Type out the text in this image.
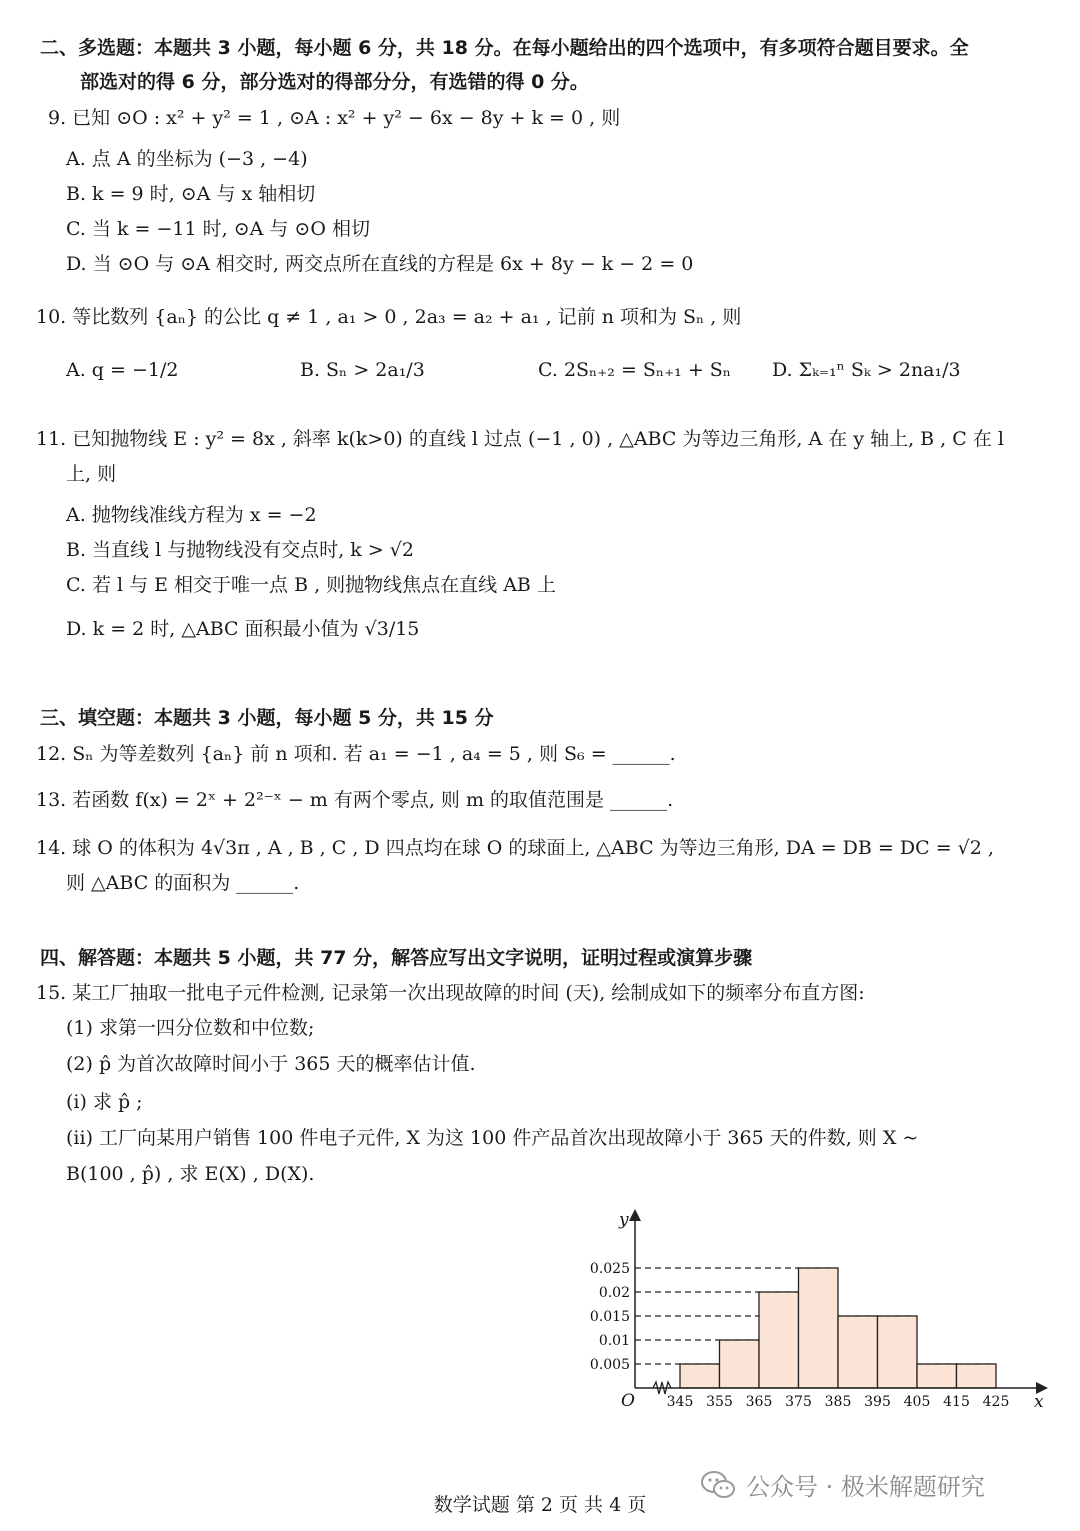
二、多选题：本题共 3 小题，每小题 6 分，共 18 分。在每小题给出的四个选项中，有多项符合题目要求。全
部选对的得 6 分，部分选对的得部分分，有选错的得 0 分。
9. 已知 ⊙O : x² + y² = 1 , ⊙A : x² + y² − 6x − 8y + k = 0 , 则
A. 点 A 的坐标为 (−3 , −4)
B. k = 9 时, ⊙A 与 x 轴相切
C. 当 k = −11 时, ⊙A 与 ⊙O 相切
D. 当 ⊙O 与 ⊙A 相交时, 两交点所在直线的方程是 6x + 8y − k − 2 = 0
10. 等比数列 {aₙ} 的公比 q ≠ 1 , a₁ > 0 , 2a₃ = a₂ + a₁ , 记前 n 项和为 Sₙ , 则
A. q = −1/2	B. Sₙ > 2a₁/3	C. 2Sₙ₊₂ = Sₙ₊₁ + Sₙ D. Σₖ₌₁ⁿ Sₖ > 2na₁/3
11. 已知抛物线 E : y² = 8x , 斜率 k(k>0) 的直线 l 过点 (−1 , 0) , △ABC 为等边三角形, A 在 y 轴上, B , C 在 l
上, 则
A. 抛物线准线方程为 x = −2
B. 当直线 l 与抛物线没有交点时, k > √2
C. 若 l 与 E 相交于唯一点 B , 则抛物线焦点在直线 AB 上
D. k = 2 时, △ABC 面积最小值为 √3/15
三、填空题：本题共 3 小题，每小题 5 分，共 15 分
12. Sₙ 为等差数列 {aₙ} 前 n 项和. 若 a₁ = −1 , a₄ = 5 , 则 S₆ = ______.
13. 若函数 f(x) = 2ˣ + 2²⁻ˣ − m 有两个零点, 则 m 的取值范围是 ______.
14. 球 O 的体积为 4√3π , A , B , C , D 四点均在球 O 的球面上, △ABC 为等边三角形, DA = DB = DC = √2 ,
则 △ABC 的面积为 ______.
四、解答题：本题共 5 小题，共 77 分，解答应写出文字说明，证明过程或演算步骤
15. 某工厂抽取一批电子元件检测, 记录第一次出现故障的时间 (天), 绘制成如下的频率分布直方图:
(1) 求第一四分位数和中位数;
(2) p̂ 为首次故障时间小于 365 天的概率估计值.
(i) 求 p̂ ;
(ii) 工厂向某用户销售 100 件电子元件, X 为这 100 件产品首次出现故障小于 365 天的件数, 则 X ~
B(100 , p̂) , 求 E(X) , D(X).
0.005
0.01
0.015
0.02
0.025
345 355 365 375 385 395 405 415 425
O	x
y
公众号 · 极米解题研究
数学试题 第 2 页 共 4 页
